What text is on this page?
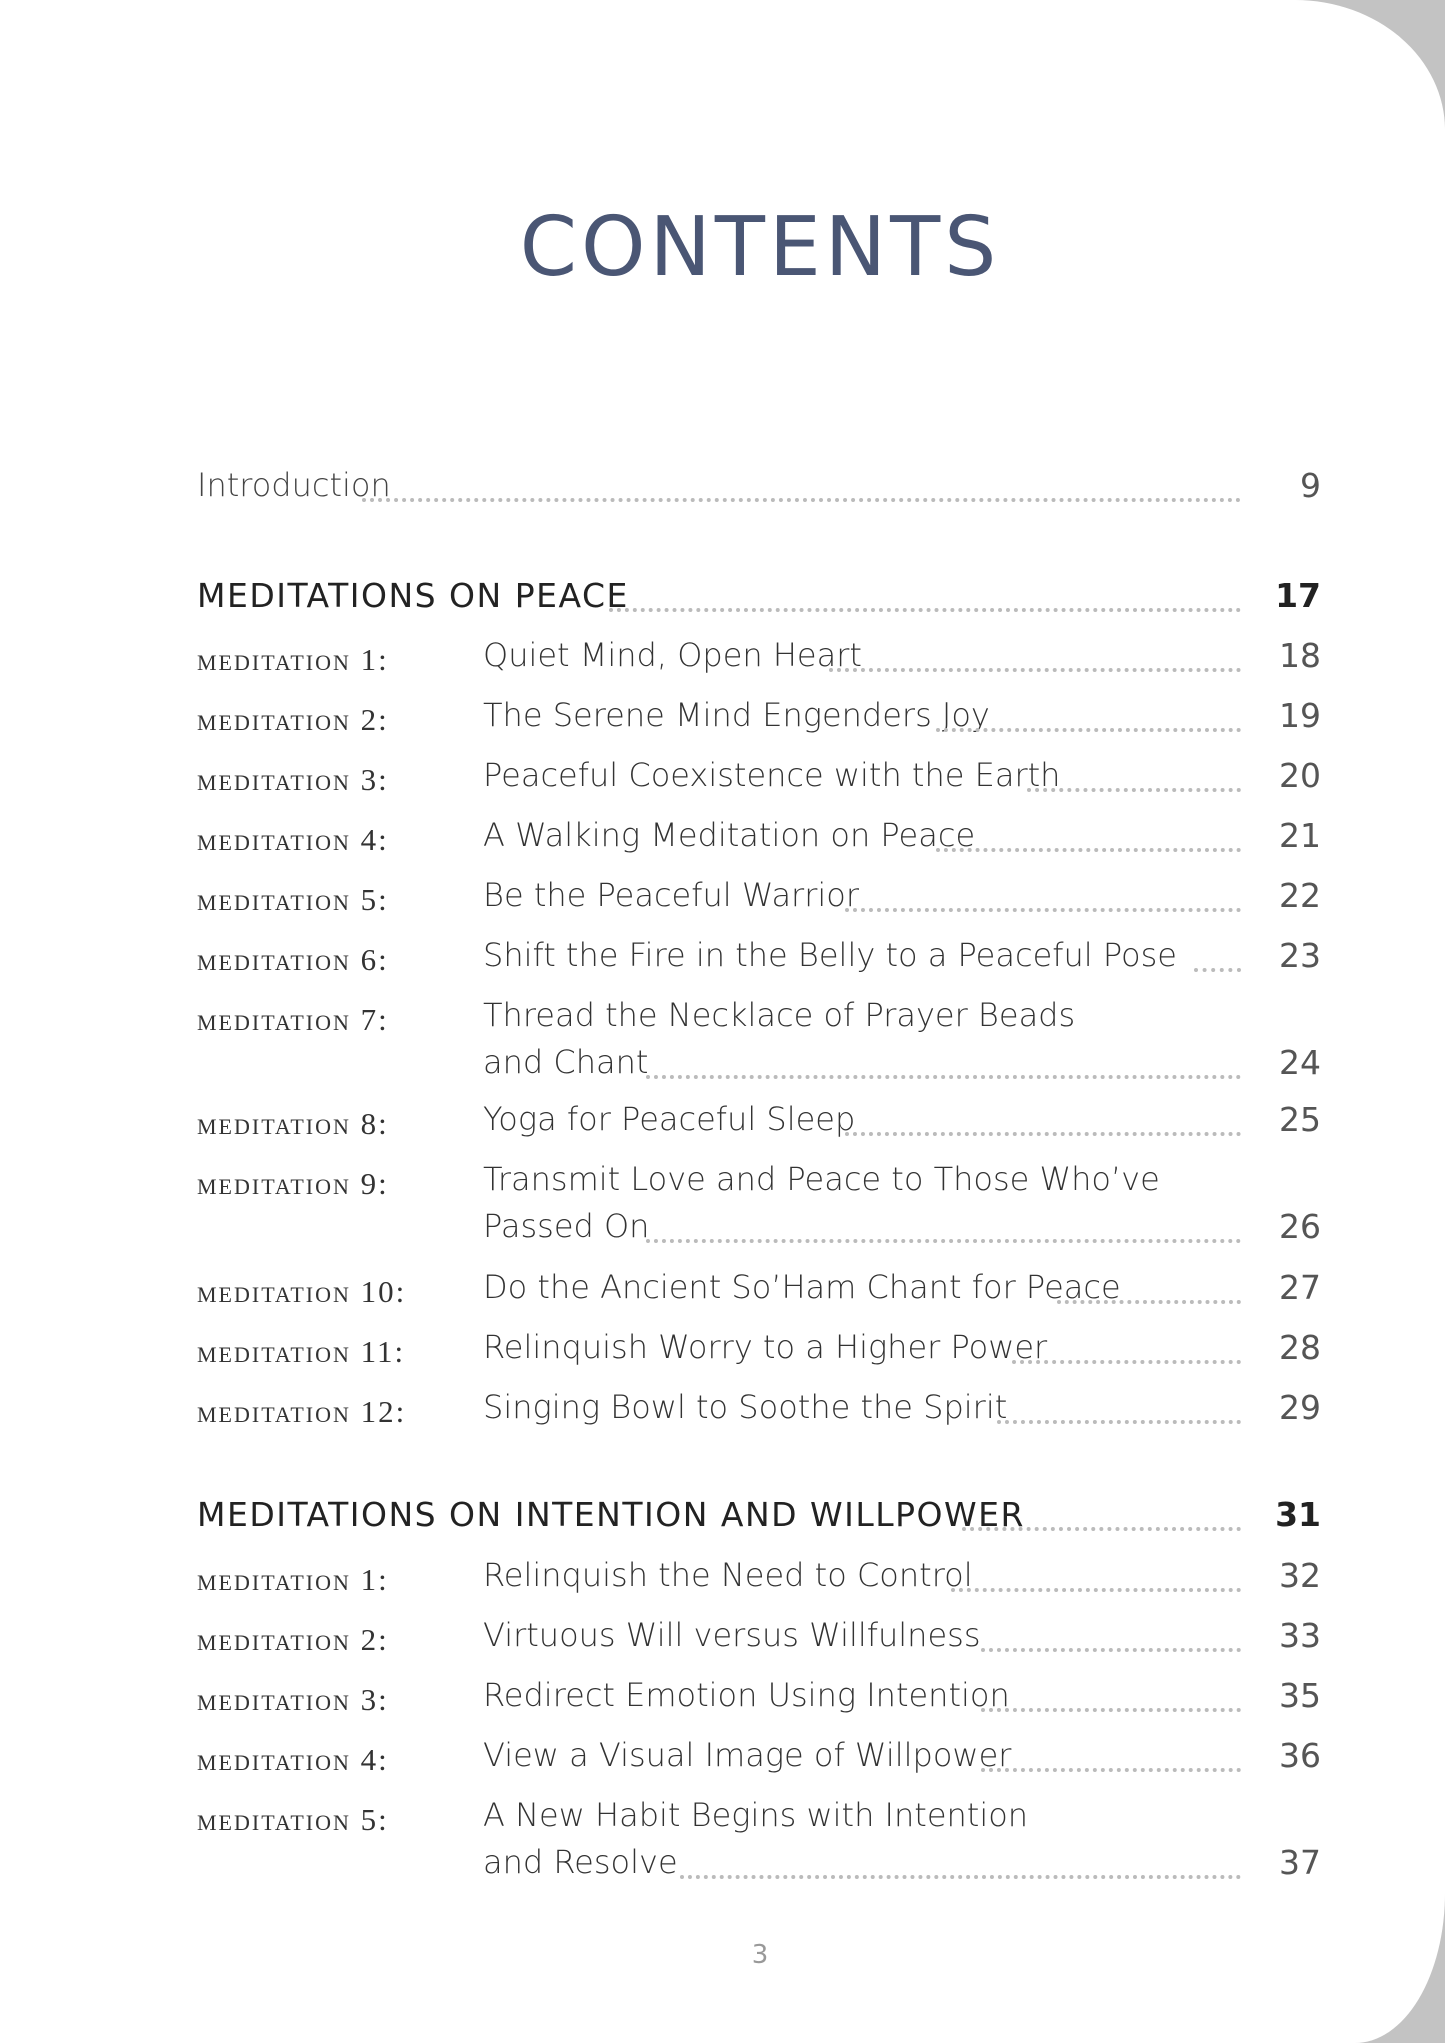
CONTENTS
Introduction	9
MEDITATIONS ON PEACE	17
meditation 1:	Quiet Mind, Open Heart	18
meditation 2:	The Serene Mind Engenders Joy	19
meditation 3:	Peaceful Coexistence with the Earth	20
meditation 4:	A Walking Meditation on Peace	21
meditation 5:	Be the Peaceful Warrior	22
meditation 6:	Shift the Fire in the Belly to a Peaceful Pose	23
meditation 7:	Thread the Necklace of Prayer Beads
and Chant	24
meditation 8:	Yoga for Peaceful Sleep	25
meditation 9:	Transmit Love and Peace to Those Who’ve
Passed On	26
meditation 10: Do the Ancient So’Ham Chant for Peace	27
meditation 11: Relinquish Worry to a Higher Power	28
meditation 12: Singing Bowl to Soothe the Spirit	29
MEDITATIONS ON INTENTION AND WILLPOWER	31
meditation 1:	Relinquish the Need to Control	32
meditation 2:	Virtuous Will versus Willfulness	33
meditation 3:	Redirect Emotion Using Intention	35
meditation 4:	View a Visual Image of Willpower	36
meditation 5:	A New Habit Begins with Intention
and Resolve	37
3
